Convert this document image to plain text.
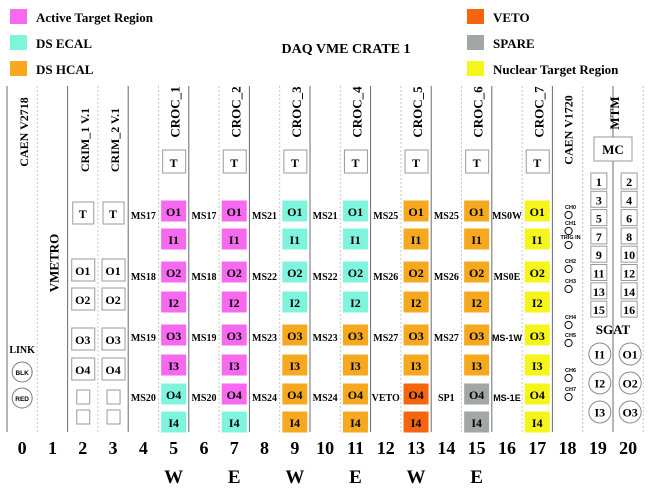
Active Target Region
DS ECAL
DS HCAL
VETO
SPARE
Nuclear Target Region
DAQ VME CRATE 1
CAEN V2718
LINK
BLK
RED
VMETRO
CRIM_1 V.1
T
O1
O2
O3
O4
CRIM_2 V.1
T
O1
O2
O3
O4
CROC_1
T
O1
I1
O2
I2
O3
I3
O4
I4
CROC_2
T
O1
I1
O2
I2
O3
I3
O4
I4
CROC_3
T
O1
I1
O2
I2
O3
I3
O4
I4
CROC_4
T
O1
I1
O2
I2
O3
I3
O4
I4
CROC_5
T
O1
I1
O2
I2
O3
I3
O4
I4
CROC_6
T
O1
I1
O2
I2
O3
I3
O4
I4
CROC_7
T
O1
I1
O2
I2
O3
I3
O4
I4
MS17
MS18
MS19
MS20
MS17
MS18
MS19
MS20
MS21
MS22
MS23
MS24
MS21
MS22
MS23
MS24
MS25
MS26
MS27
VETO
MS25
MS26
MS27
SP1
MS0W
MS0E
MS-1W
MS-1E
CAEN V1720
CH0
CH1
TRIG IN
CH2
CH3
CH4
CH5
CH6
CH7
MTM
MC
1 2
3 4
5 6
7 8
9 10
11 12
13 14
15 16
SGAT
I1 O1
I2 O2
I3 O3
0 1 2 3 4 5 6 7 8 9 10 11 12 13 14 15 16 17 18 19 20
W E W E W E
